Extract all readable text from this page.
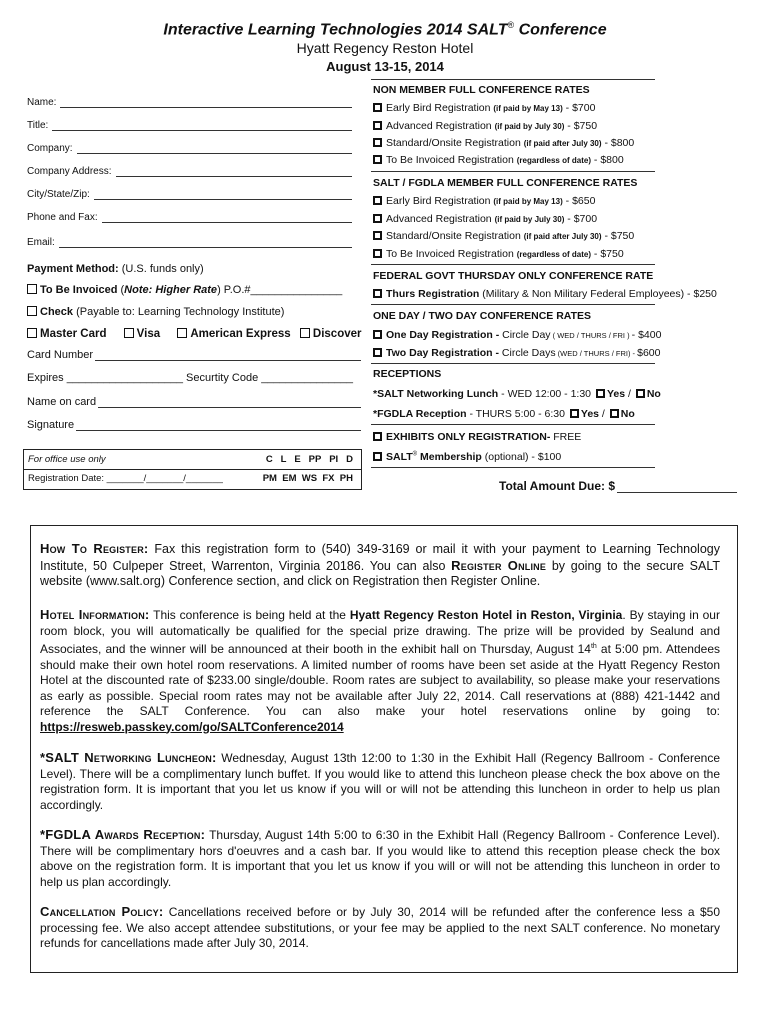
Interactive Learning Technologies 2014 SALT® Conference
Hyatt Regency Reston Hotel
August 13-15, 2014
Name:
Title:
Company:
Company Address:
City/State/Zip:
Phone and Fax:
Email:
Payment Method: (U.S. funds only)
To Be Invoiced (Note: Higher Rate) P.O.#_______________
Check (Payable to: Learning Technology Institute)
Master Card	Visa	American Express Discover
Card Number
Expires ___________________ Securtity Code _______________
Name on card
Signature
For office use only	C L E PP PI D
Registration Date: _______/_______/_______	PM EM WS FX PH
NON MEMBER FULL CONFERENCE RATES
Early Bird Registration (if paid by May 13) - $700
Advanced Registration (if paid by July 30) - $750
Standard/Onsite Registration (if paid after July 30) - $800
To Be Invoiced Registration (regardless of date) - $800
SALT / FGDLA MEMBER FULL CONFERENCE RATES
Early Bird Registration (if paid by May 13) - $650
Advanced Registration (if paid by July 30) - $700
Standard/Onsite Registration (if paid after July 30) - $750
To Be Invoiced Registration (regardless of date) - $750
FEDERAL GOVT THURSDAY ONLY CONFERENCE RATE
Thurs Registration (Military & Non Military Federal Employees) - $250
ONE DAY / TWO DAY CONFERENCE RATES
One Day Registration - Circle Day ( WED / THURS / FRI ) - $400
Two Day Registration - Circle Days (WED / THURS / FRI) - $600
RECEPTIONS
*SALT Networking Lunch - WED 12:00 - 1:30 Yes / No
*FGDLA Reception - THURS 5:00 - 6:30 Yes / No
EXHIBITS ONLY REGISTRATION- FREE
SALT® Membership (optional) - $100
Total Amount Due: $
How To Register: Fax this registration form to (540) 349-3169 or mail it with your payment to Learning Technology Institute, 50 Culpeper Street, Warrenton, Virginia 20186. You can also Register Online by going to the secure SALT website (www.salt.org) Conference section, and click on Registration then Register Online.
Hotel Information: This conference is being held at the Hyatt Regency Reston Hotel in Reston, Virginia. By staying in our room block, you will automatically be qualified for the special prize drawing. The prize will be provided by Sealund and Associates, and the winner will be announced at their booth in the exhibit hall on Thursday, August 14th at 5:00 pm. Attendees should make their own hotel room reservations. A limited number of rooms have been set aside at the Hyatt Regency Reston Hotel at the discounted rate of $233.00 single/double. Room rates are subject to availability, so please make your reservations as early as possible. Special room rates may not be available after July 22, 2014. Call reservations at (888) 421-1442 and reference the SALT Conference. You can also make your hotel reservations online by going to: https://resweb.passkey.com/go/SALTConference2014
*SALT Networking Luncheon: Wednesday, August 13th 12:00 to 1:30 in the Exhibit Hall (Regency Ballroom - Conference Level). There will be a complimentary lunch buffet. If you would like to attend this luncheon please check the box above on the registration form. It is important that you let us know if you will or will not be attending this luncheon in order to help us plan accordingly.
*FGDLA Awards Reception: Thursday, August 14th 5:00 to 6:30 in the Exhibit Hall (Regency Ballroom - Conference Level). There will be complimentary hors d'oeuvres and a cash bar. If you would like to attend this reception please check the box above on the registration form. It is important that you let us know if you will or will not be attending this luncheon in order to help us plan accordingly.
Cancellation Policy: Cancellations received before or by July 30, 2014 will be refunded after the conference less a $50 processing fee. We also accept attendee substitutions, or your fee may be applied to the next SALT conference. No monetary refunds for cancellations made after July 30, 2014.
